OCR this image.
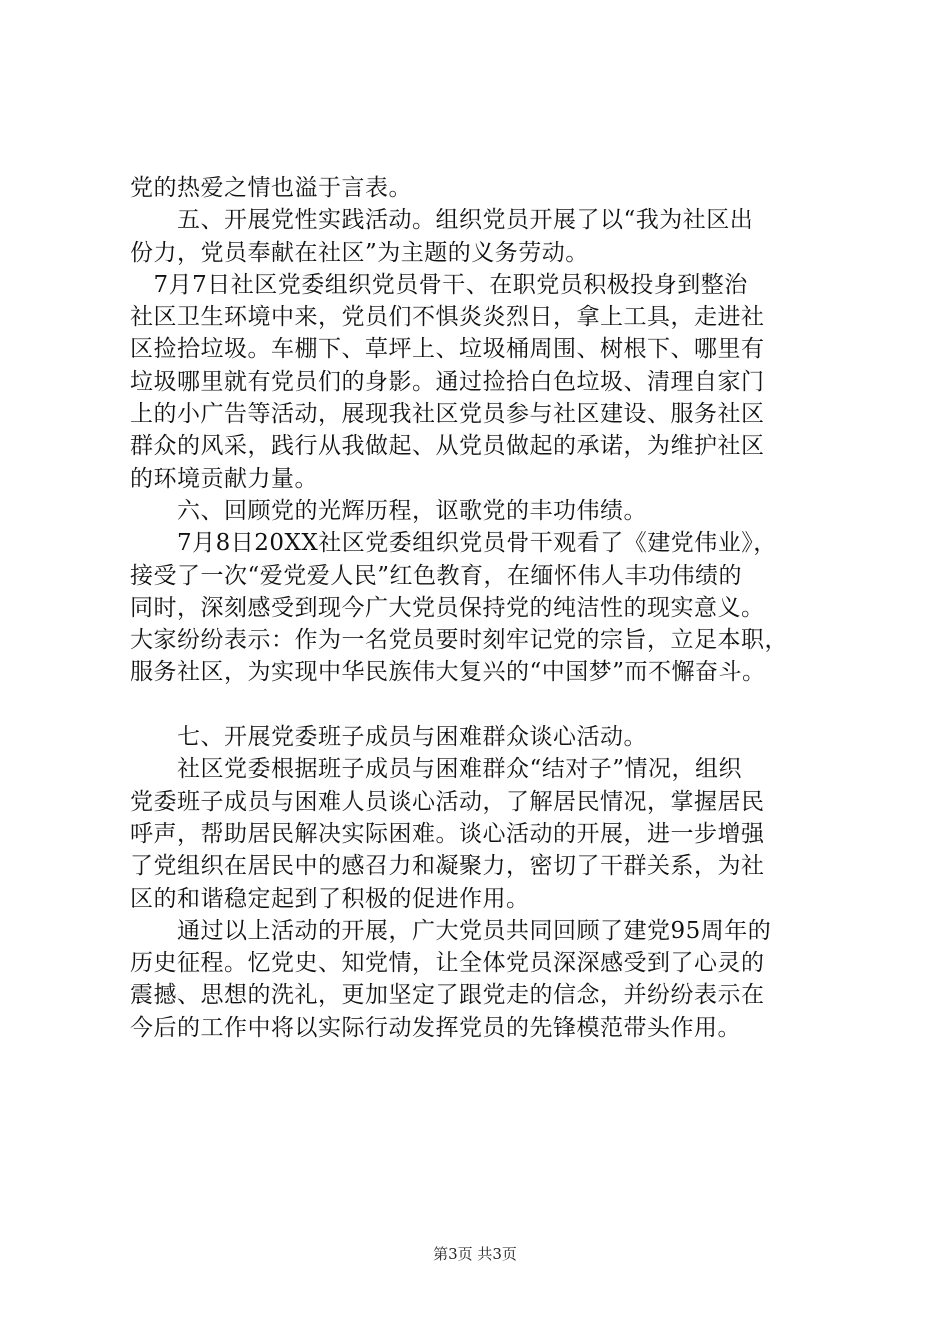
党的热爱之情也溢于言表。
　　五、开展党性实践活动。组织党员开展了以“我为社区出
份力，党员奉献在社区”为主题的义务劳动。
　7月7日社区党委组织党员骨干、在职党员积极投身到整治
社区卫生环境中来，党员们不惧炎炎烈日，拿上工具，走进社
区捡拾垃圾。车棚下、草坪上、垃圾桶周围、树根下、哪里有
垃圾哪里就有党员们的身影。通过捡拾白色垃圾、清理自家门
上的小广告等活动，展现我社区党员参与社区建设、服务社区
群众的风采，践行从我做起、从党员做起的承诺，为维护社区
的环境贡献力量。
　　六、回顾党的光辉历程，讴歌党的丰功伟绩。
　　7月8日20XX社区党委组织党员骨干观看了《建党伟业》，
接受了一次“爱党爱人民”红色教育，在缅怀伟人丰功伟绩的
同时，深刻感受到现今广大党员保持党的纯洁性的现实意义。
大家纷纷表示：作为一名党员要时刻牢记党的宗旨，立足本职，
服务社区，为实现中华民族伟大复兴的“中国梦”而不懈奋斗。
　　七、开展党委班子成员与困难群众谈心活动。
　　社区党委根据班子成员与困难群众“结对子”情况，组织
党委班子成员与困难人员谈心活动，了解居民情况，掌握居民
呼声，帮助居民解决实际困难。谈心活动的开展，进一步增强
了党组织在居民中的感召力和凝聚力，密切了干群关系，为社
区的和谐稳定起到了积极的促进作用。
　　通过以上活动的开展，广大党员共同回顾了建党95周年的
历史征程。忆党史、知党情，让全体党员深深感受到了心灵的
震撼、思想的洗礼，更加坚定了跟党走的信念，并纷纷表示在
今后的工作中将以实际行动发挥党员的先锋模范带头作用。
第3页 共3页
